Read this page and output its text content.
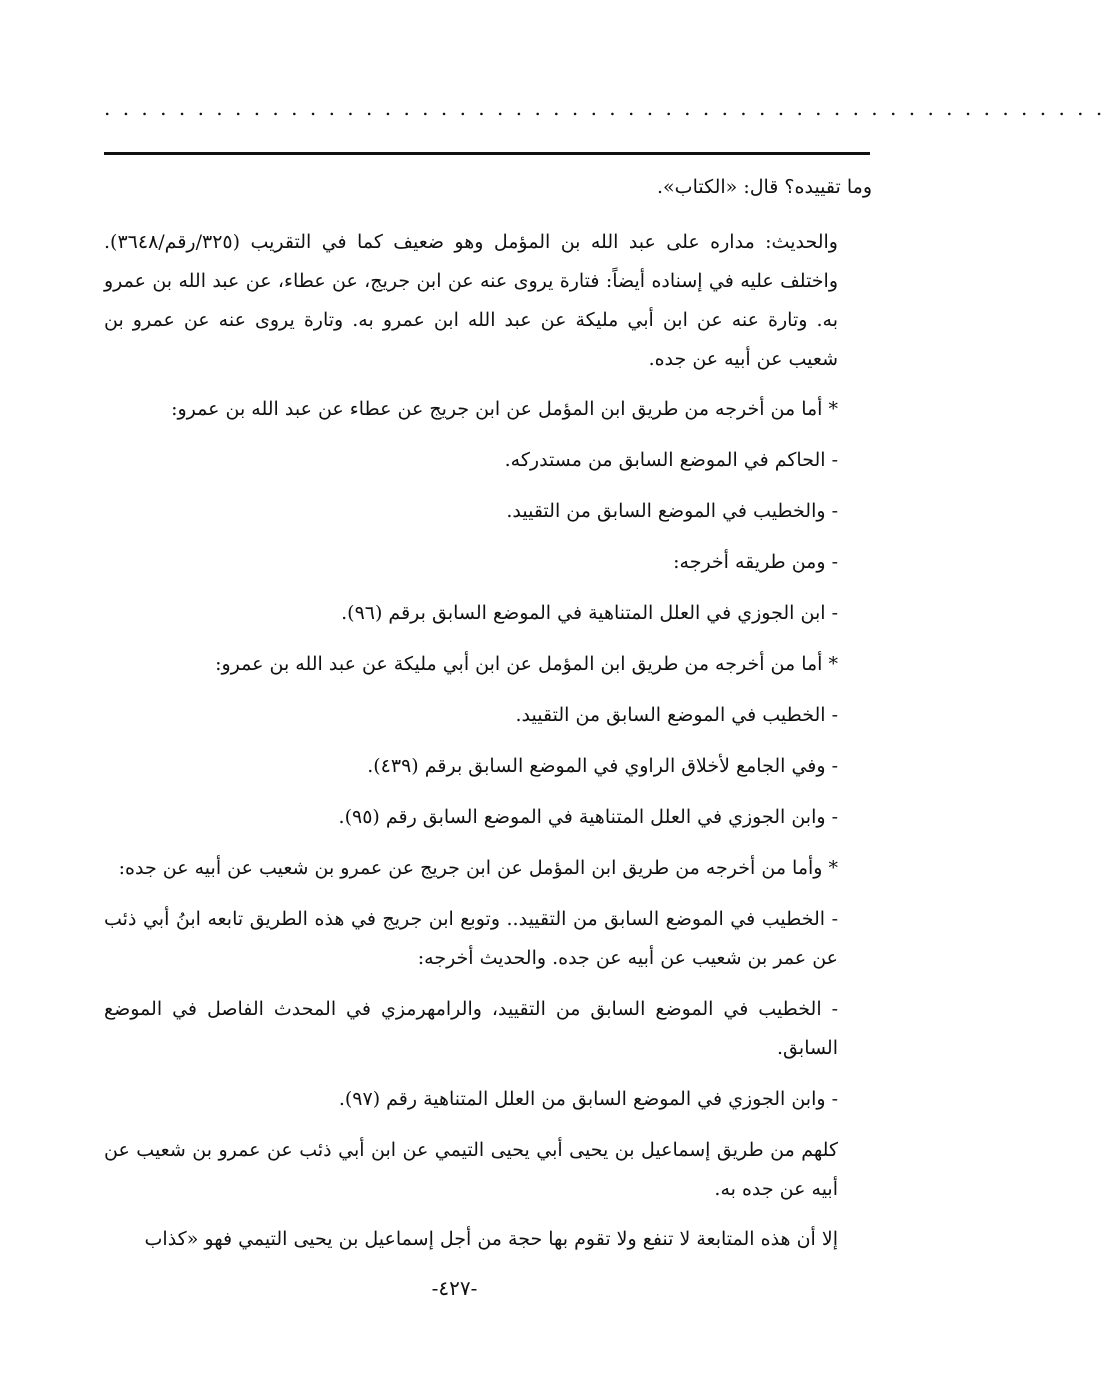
. . . . . . . . . . . . . . . . . . . . . . . . . . . . . . . . . . . . . . . . . . . . . . . . . . . . . .

وما تقييده؟ قال: «الكتاب».

والحديث: مداره على عبد الله بن المؤمل وهو ضعيف كما في التقريب (٣٢٥/رقم/٣٦٤٨). واختلف عليه في إسناده أيضاً: فتارة يروى عنه عن ابن جريج، عن عطاء، عن عبد الله بن عمرو به. وتارة عنه عن ابن أبي مليكة عن عبد الله ابن عمرو به. وتارة يروى عنه عن عمرو بن شعيب عن أبيه عن جده.

* أما من أخرجه من طريق ابن المؤمل عن ابن جريج عن عطاء عن عبد الله بن عمرو:

- الحاكم في الموضع السابق من مستدركه.

- والخطيب في الموضع السابق من التقييد.

- ومن طريقه أخرجه:

- ابن الجوزي في العلل المتناهية في الموضع السابق برقم (٩٦).

* أما من أخرجه من طريق ابن المؤمل عن ابن أبي مليكة عن عبد الله بن عمرو:

- الخطيب في الموضع السابق من التقييد.

- وفي الجامع لأخلاق الراوي في الموضع السابق برقم (٤٣٩).

- وابن الجوزي في العلل المتناهية في الموضع السابق رقم (٩٥).

* وأما من أخرجه من طريق ابن المؤمل عن ابن جريج عن عمرو بن شعيب عن أبيه عن جده:

- الخطيب في الموضع السابق من التقييد.. وتوبع ابن جريج في هذه الطريق تابعه ابنُ أبي ذئب عن عمر بن شعيب عن أبيه عن جده. والحديث أخرجه:

- الخطيب في الموضع السابق من التقييد، والرامهرمزي في المحدث الفاصل في الموضع السابق.

- وابن الجوزي في الموضع السابق من العلل المتناهية رقم (٩٧).

كلهم من طريق إسماعيل بن يحيى أبي يحيى التيمي عن ابن أبي ذئب عن عمرو بن شعيب عن أبيه عن جده به.

إلا أن هذه المتابعة لا تنفع ولا تقوم بها حجة من أجل إسماعيل بن يحيى التيمي فهو «كذاب

-٤٢٧-
